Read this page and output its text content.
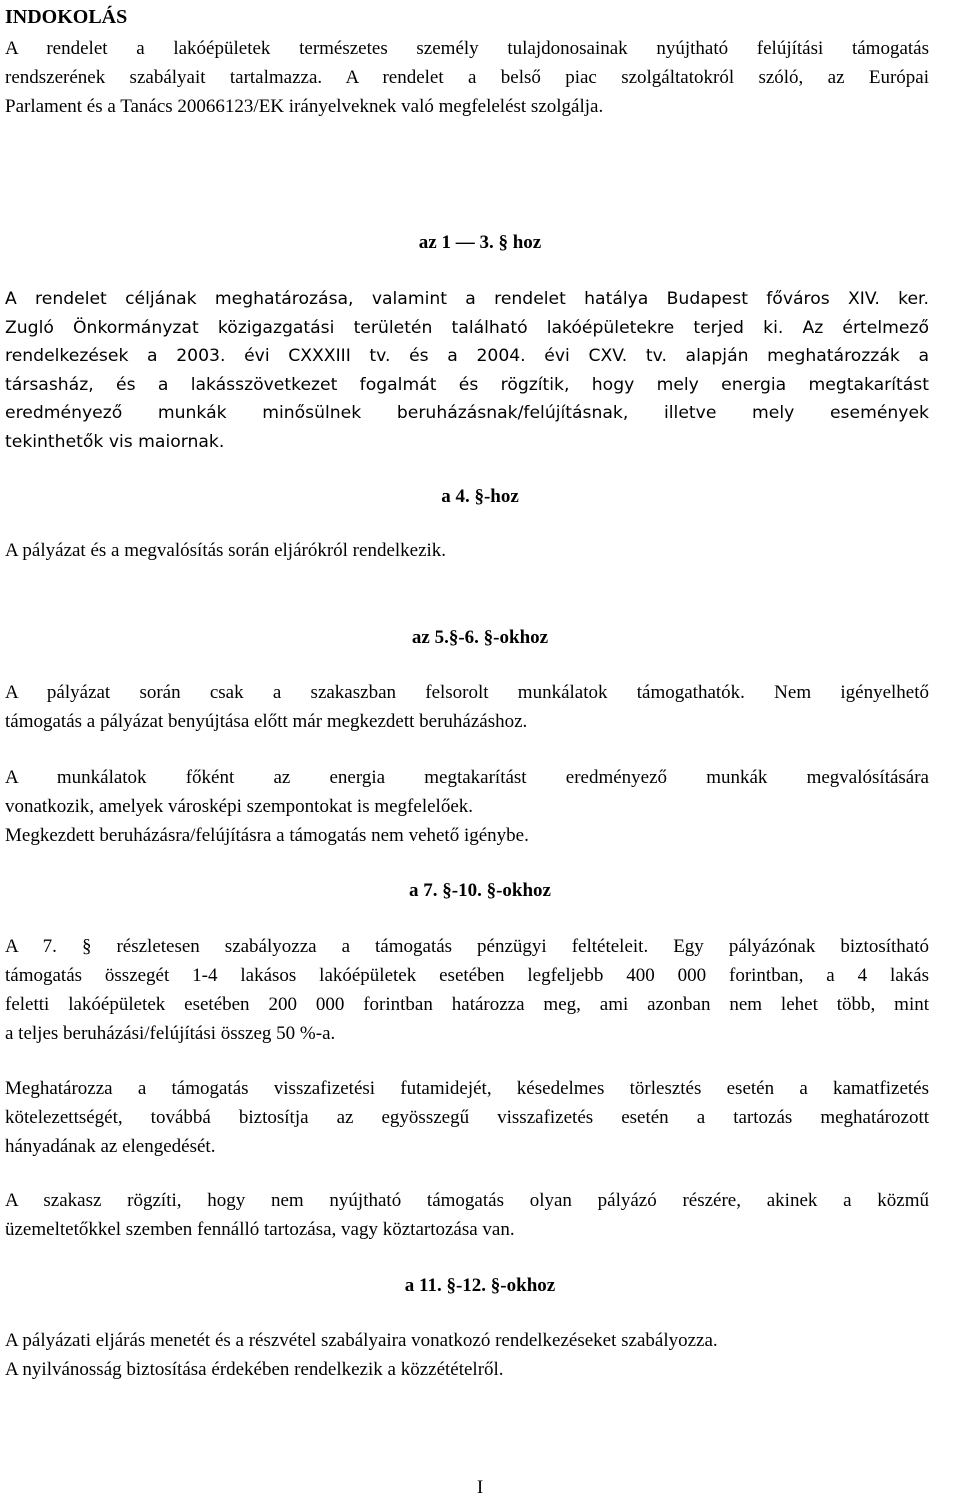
INDOKOLÁS
A rendelet a lakóépületek természetes személy tulajdonosainak nyújtható felújítási támogatás
rendszerének szabályait tartalmazza. A rendelet a belső piac szolgáltatokról szóló, az Európai
Parlament és a Tanács 20066123/EK irányelveknek való megfelelést szolgálja.
az 1 — 3. § hoz
A rendelet céljának meghatározása, valamint a rendelet hatálya Budapest főváros XIV. ker.
Zugló Önkormányzat közigazgatási területén található lakóépületekre terjed ki. Az értelmező
rendelkezések a 2003. évi CXXXIII tv. és a 2004. évi CXV. tv. alapján meghatározzák a
társasház, és a lakásszövetkezet fogalmát és rögzítik, hogy mely energia megtakarítást
eredményező munkák minősülnek beruházásnak/felújításnak, illetve mely események
tekinthetők vis maiornak.
a 4. §-hoz
A pályázat és a megvalósítás során eljárókról rendelkezik.
az 5.§-6. §-okhoz
A pályázat során csak a szakaszban felsorolt munkálatok támogathatók. Nem igényelhető
támogatás a pályázat benyújtása előtt már megkezdett beruházáshoz.
A munkálatok főként az energia megtakarítást eredményező munkák megvalósítására
vonatkozik, amelyek városképi szempontokat is megfelelőek.
Megkezdett beruházásra/felújításra a támogatás nem vehető igénybe.
a 7. §-10. §-okhoz
A 7. § részletesen szabályozza a támogatás pénzügyi feltételeit. Egy pályázónak biztosítható
támogatás összegét 1-4 lakásos lakóépületek esetében legfeljebb 400 000 forintban, a 4 lakás
feletti lakóépületek esetében 200 000 forintban határozza meg, ami azonban nem lehet több, mint
a teljes beruházási/felújítási összeg 50 %-a.
Meghatározza a támogatás visszafizetési futamidejét, késedelmes törlesztés esetén a kamatfizetés
kötelezettségét, továbbá biztosítja az egyösszegű visszafizetés esetén a tartozás meghatározott
hányadának az elengedését.
A szakasz rögzíti, hogy nem nyújtható támogatás olyan pályázó részére, akinek a közmű
üzemeltetőkkel szemben fennálló tartozása, vagy köztartozása van.
a 11. §-12. §-okhoz
A pályázati eljárás menetét és a részvétel szabályaira vonatkozó rendelkezéseket szabályozza.
A nyilvánosság biztosítása érdekében rendelkezik a közzétételről.
I
